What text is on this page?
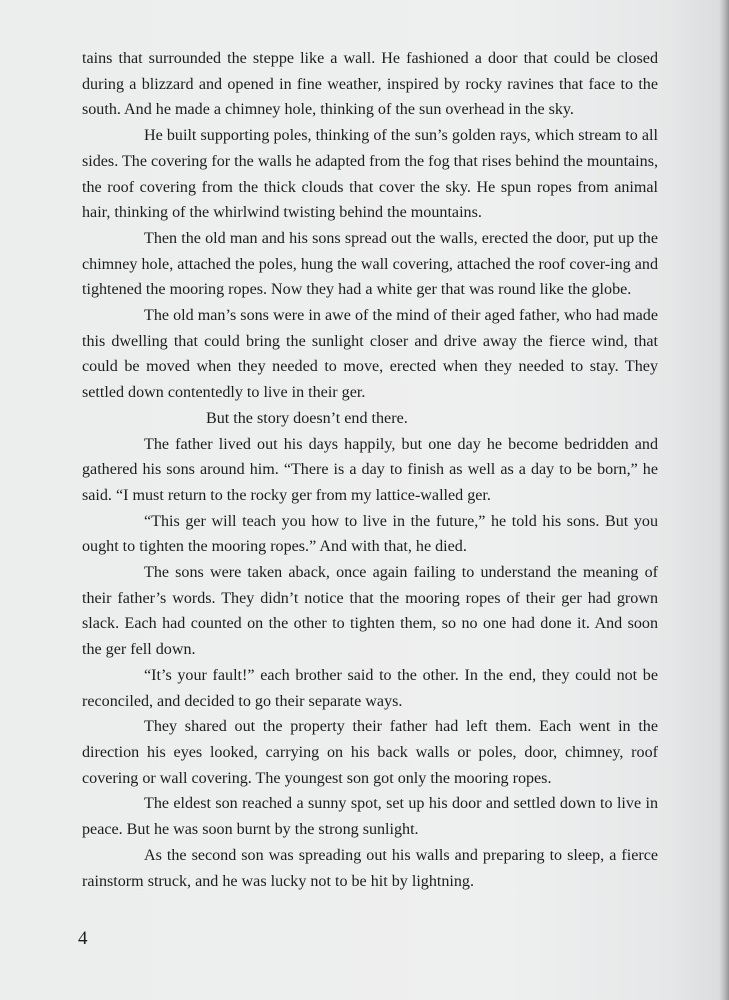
tains that surrounded the steppe like a wall. He fashioned a door that could be closed during a blizzard and opened in fine weather, inspired by rocky ravines that face to the south. And he made a chimney hole, thinking of the sun overhead in the sky.

He built supporting poles, thinking of the sun’s golden rays, which stream to all sides. The covering for the walls he adapted from the fog that rises behind the mountains, the roof covering from the thick clouds that cover the sky. He spun ropes from animal hair, thinking of the whirlwind twisting behind the mountains.

Then the old man and his sons spread out the walls, erected the door, put up the chimney hole, attached the poles, hung the wall covering, attached the roof cover-ing and tightened the mooring ropes. Now they had a white ger that was round like the globe.

The old man’s sons were in awe of the mind of their aged father, who had made this dwelling that could bring the sunlight closer and drive away the fierce wind, that could be moved when they needed to move, erected when they needed to stay. They settled down contentedly to live in their ger.

But the story doesn’t end there.

The father lived out his days happily, but one day he become bedridden and gathered his sons around him. “There is a day to finish as well as a day to be born,” he said. “I must return to the rocky ger from my lattice-walled ger.

“This ger will teach you how to live in the future,” he told his sons. But you ought to tighten the mooring ropes.” And with that, he died.

The sons were taken aback, once again failing to understand the meaning of their father’s words. They didn’t notice that the mooring ropes of their ger had grown slack. Each had counted on the other to tighten them, so no one had done it. And soon the ger fell down.

“It’s your fault!” each brother said to the other. In the end, they could not be reconciled, and decided to go their separate ways.

They shared out the property their father had left them. Each went in the direction his eyes looked, carrying on his back walls or poles, door, chimney, roof covering or wall covering. The youngest son got only the mooring ropes.

The eldest son reached a sunny spot, set up his door and settled down to live in peace. But he was soon burnt by the strong sunlight.

As the second son was spreading out his walls and preparing to sleep, a fierce rainstorm struck, and he was lucky not to be hit by lightning.

4
